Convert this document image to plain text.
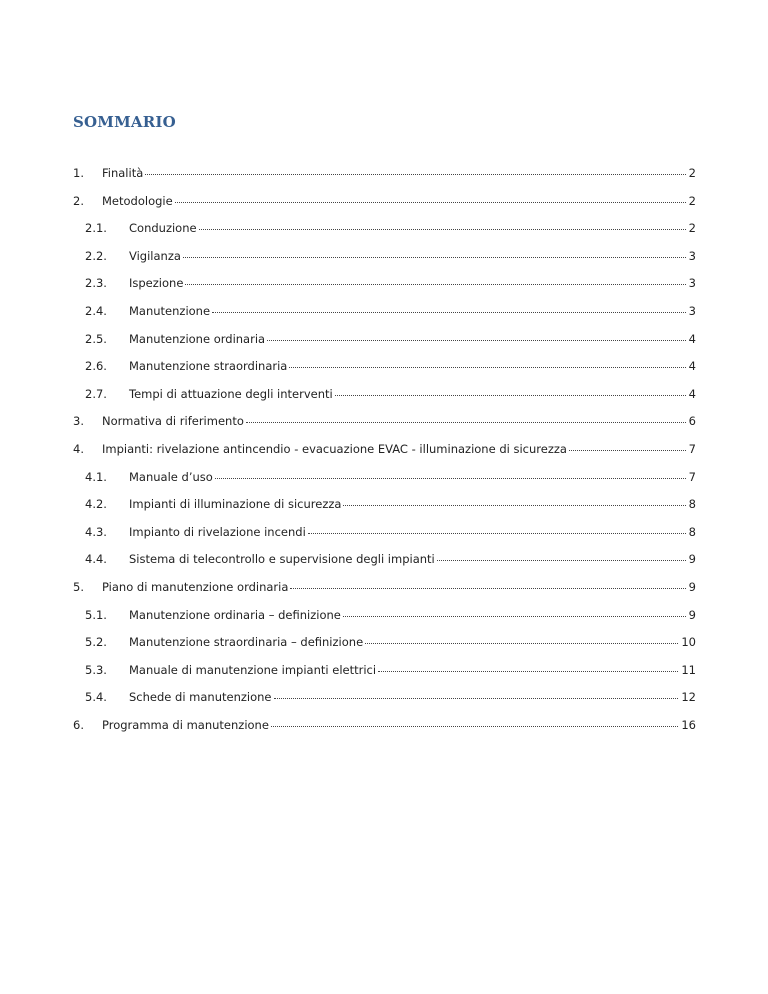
SOMMARIO
1.	Finalità	2
2.	Metodologie	2
2.1.	Conduzione	2
2.2.	Vigilanza	3
2.3.	Ispezione	3
2.4.	Manutenzione	3
2.5.	Manutenzione ordinaria	4
2.6.	Manutenzione straordinaria	4
2.7.	Tempi di attuazione degli interventi	4
3.	Normativa di riferimento	6
4.	Impianti: rivelazione antincendio - evacuazione EVAC - illuminazione di sicurezza	7
4.1.	Manuale d’uso	7
4.2.	Impianti di illuminazione di sicurezza	8
4.3.	Impianto di rivelazione incendi	8
4.4.	Sistema di telecontrollo e supervisione degli impianti	9
5.	Piano di manutenzione ordinaria	9
5.1.	Manutenzione ordinaria – definizione	9
5.2.	Manutenzione straordinaria – definizione	10
5.3.	Manuale di manutenzione impianti elettrici	11
5.4.	Schede di manutenzione	12
6.	Programma di manutenzione	16
